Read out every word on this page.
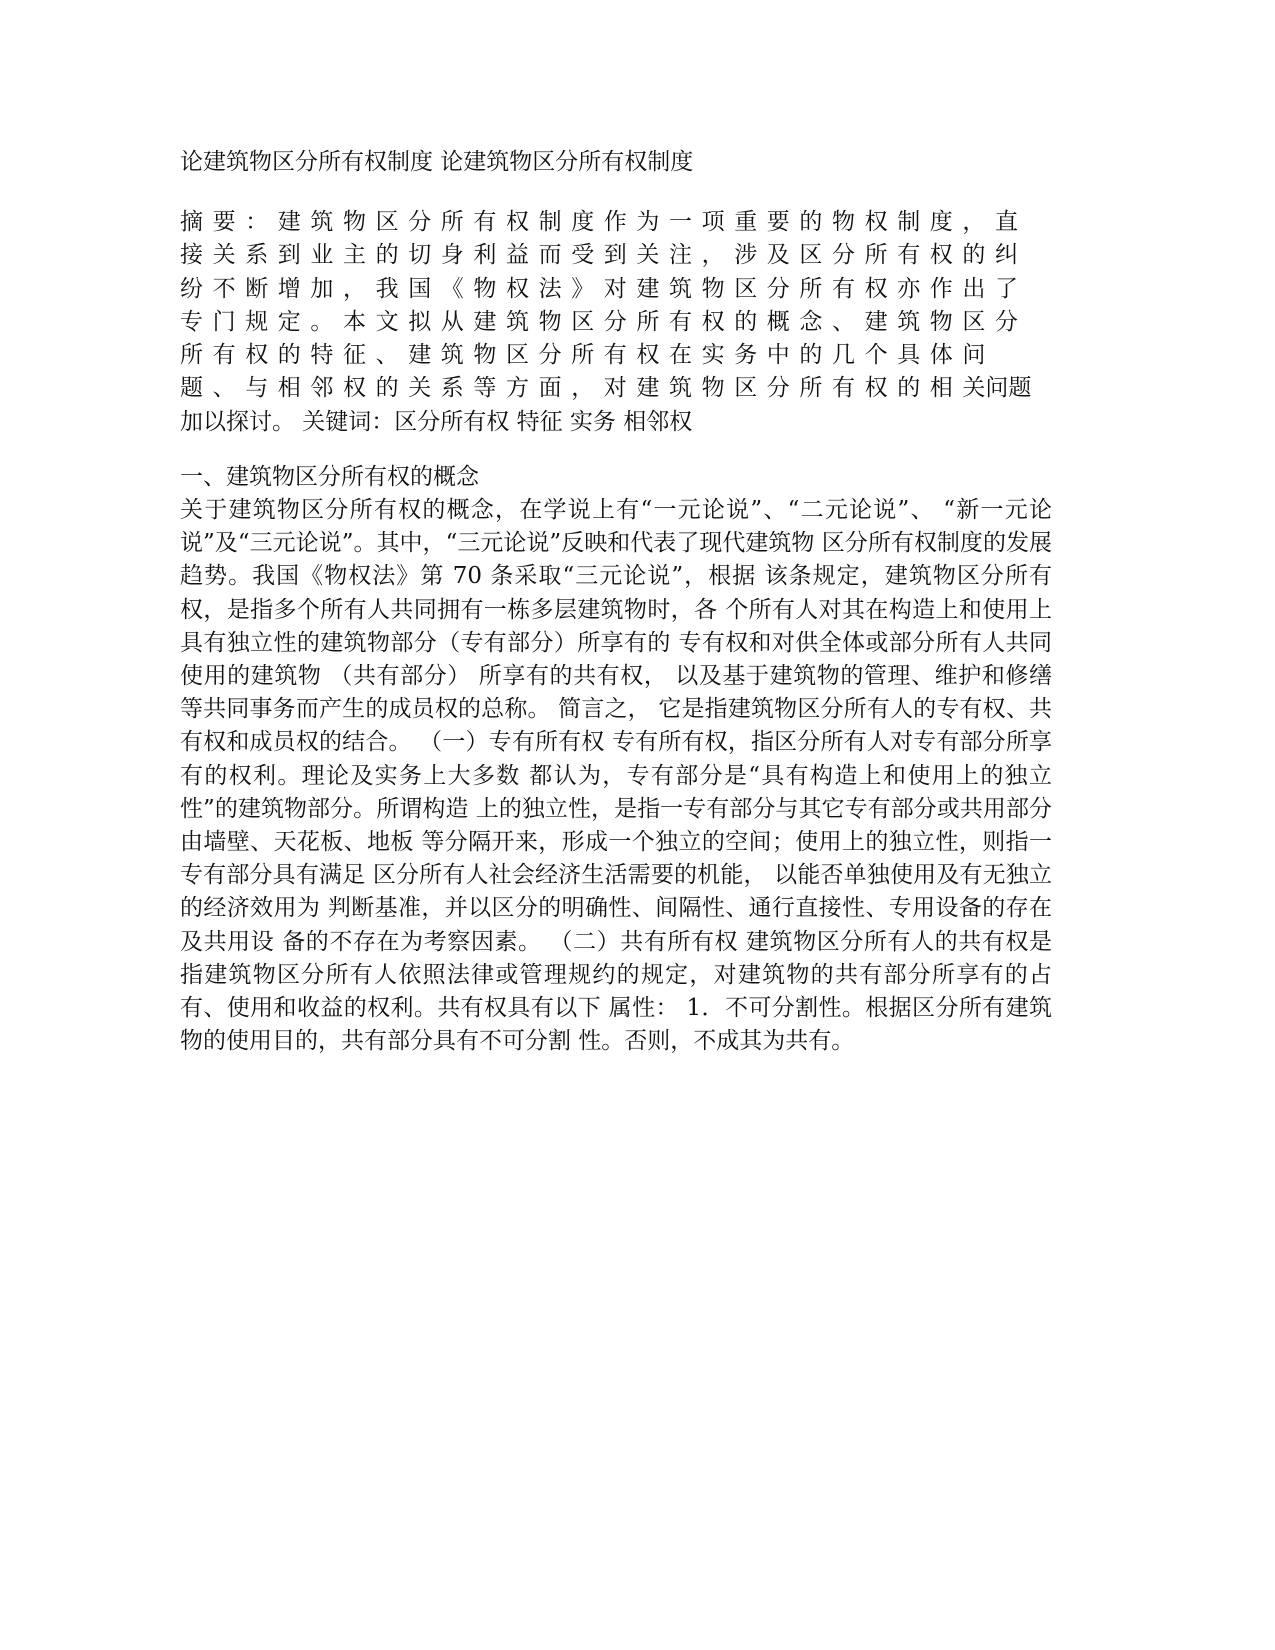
论建筑物区分所有权制度 论建筑物区分所有权制度

摘要：建筑物区分所有权制度作为一项重要的物权制度，直接关系到业主的切身利益而受到关注，涉及区分所有权的纠纷不断增加，我国《物权法》对建筑物区分所有权亦作出了专门规定。本文拟从建筑物区分所有权的概念、建筑物区分所有权的特征、建筑物区分所有权在实务中的几个具体问题、与相邻权的关系等方面，对建筑物区分所有权的相关问题加以探讨。 关键词：区分所有权 特征 实务 相邻权

一、建筑物区分所有权的概念

关于建筑物区分所有权的概念，在学说上有“一元论说”、“二元论说”、 “新一元论说”及“三元论说”。其中，“三元论说”反映和代表了现代建筑物 区分所有权制度的发展趋势。我国《物权法》第 70 条采取“三元论说”，根据 该条规定，建筑物区分所有权，是指多个所有人共同拥有一栋多层建筑物时，各 个所有人对其在构造上和使用上具有独立性的建筑物部分（专有部分）所享有的 专有权和对供全体或部分所有人共同使用的建筑物 （共有部分） 所享有的共有权， 以及基于建筑物的管理、维护和修缮等共同事务而产生的成员权的总称。 简言之， 它是指建筑物区分所有人的专有权、共有权和成员权的结合。 （一）专有所有权 专有所有权，指区分所有人对专有部分所享有的权利。理论及实务上大多数 都认为，专有部分是“具有构造上和使用上的独立性”的建筑物部分。所谓构造 上的独立性，是指一专有部分与其它专有部分或共用部分由墙壁、天花板、地板 等分隔开来，形成一个独立的空间；使用上的独立性，则指一专有部分具有满足 区分所有人社会经济生活需要的机能， 以能否单独使用及有无独立的经济效用为 判断基准，并以区分的明确性、间隔性、通行直接性、专用设备的存在及共用设 备的不存在为考察因素。 （二）共有所有权 建筑物区分所有人的共有权是指建筑物区分所有人依照法律或管理规约的规定，对建筑物的共有部分所享有的占有、使用和收益的权利。共有权具有以下 属性： 1．不可分割性。根据区分所有建筑物的使用目的，共有部分具有不可分割 性。否则，不成其为共有。
